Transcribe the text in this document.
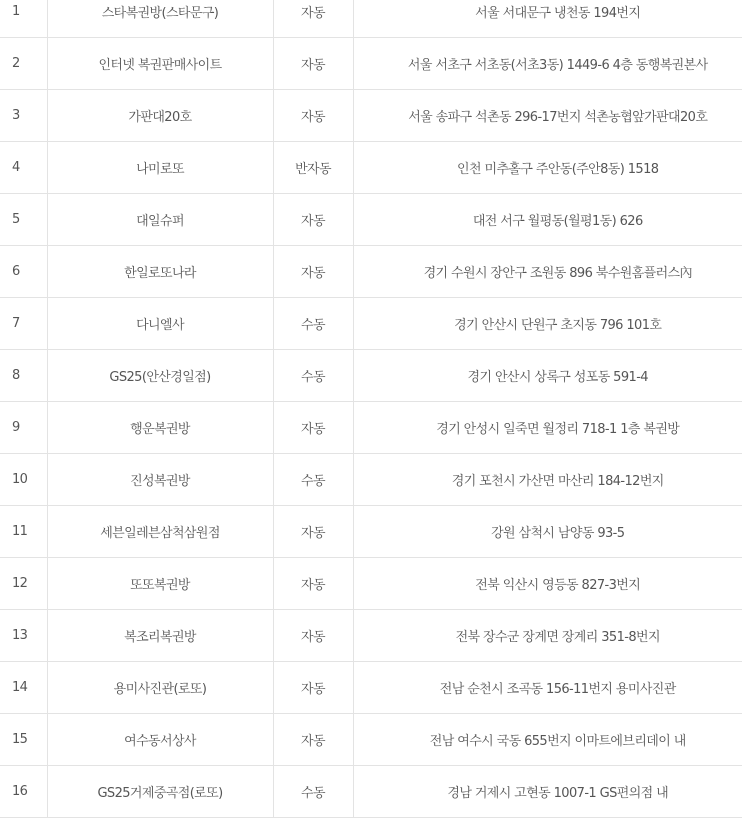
1	스타복권방(스타문구)	자동	서울 서대문구 냉천동 194번지
2	인터넷 복권판매사이트	자동	서울 서초구 서초동(서초3동) 1449-6 4층 동행복권본사
3	가판대20호	자동	서울 송파구 석촌동 296-17번지 석촌농협앞가판대20호
4	나미로또	반자동	인천 미추홀구 주안동(주안8동) 1518
5	대일슈퍼	자동	대전 서구 월평동(월평1동) 626
6	한일로또나라	자동	경기 수원시 장안구 조원동 896 북수원홈플러스內
7	다니엘사	수동	경기 안산시 단원구 초지동 796 101호
8	GS25(안산경일점)	수동	경기 안산시 상록구 성포동 591-4
9	행운복권방	자동	경기 안성시 일죽면 월정리 718-1 1층 복권방
10	진성복권방	수동	경기 포천시 가산면 마산리 184-12번지
11	세븐일레븐삼척삼원점	자동	강원 삼척시 남양동 93-5
12	또또복권방	자동	전북 익산시 영등동 827-3번지
13	복조리복권방	자동	전북 장수군 장계면 장계리 351-8번지
14	용미사진관(로또)	자동	전남 순천시 조곡동 156-11번지 용미사진관
15	여수동서상사	자동	전남 여수시 국동 655번지 이마트에브리데이 내
16	GS25거제중곡점(로또)	수동	경남 거제시 고현동 1007-1 GS편의점 내
